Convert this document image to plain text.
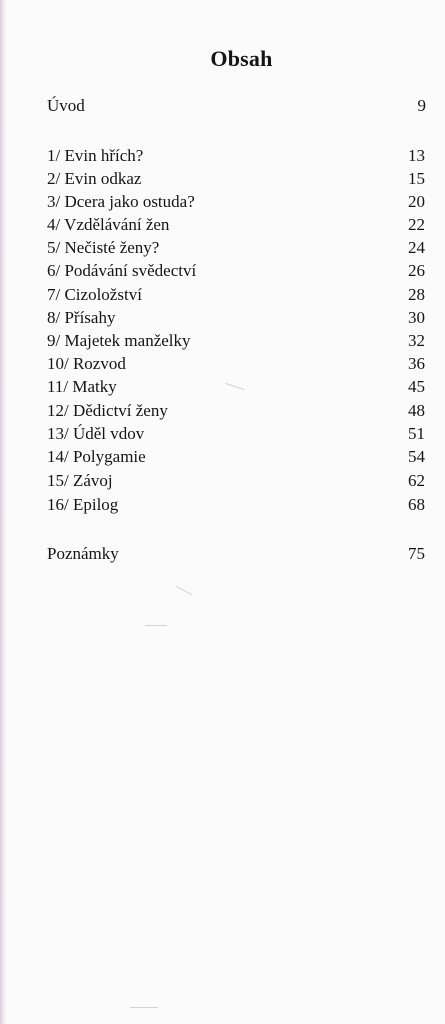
Obsah
Úvod	9
1/ Evin hřích?	13
2/ Evin odkaz	15
3/ Dcera jako ostuda?	20
4/ Vzdělávání žen	22
5/ Nečisté ženy?	24
6/ Podávání svědectví	26
7/ Cizoložství	28
8/ Přísahy	30
9/ Majetek manželky	32
10/ Rozvod	36
11/ Matky	45
12/ Dědictví ženy	48
13/ Úděl vdov	51
14/ Polygamie	54
15/ Závoj	62
16/ Epilog	68
Poznámky	75
